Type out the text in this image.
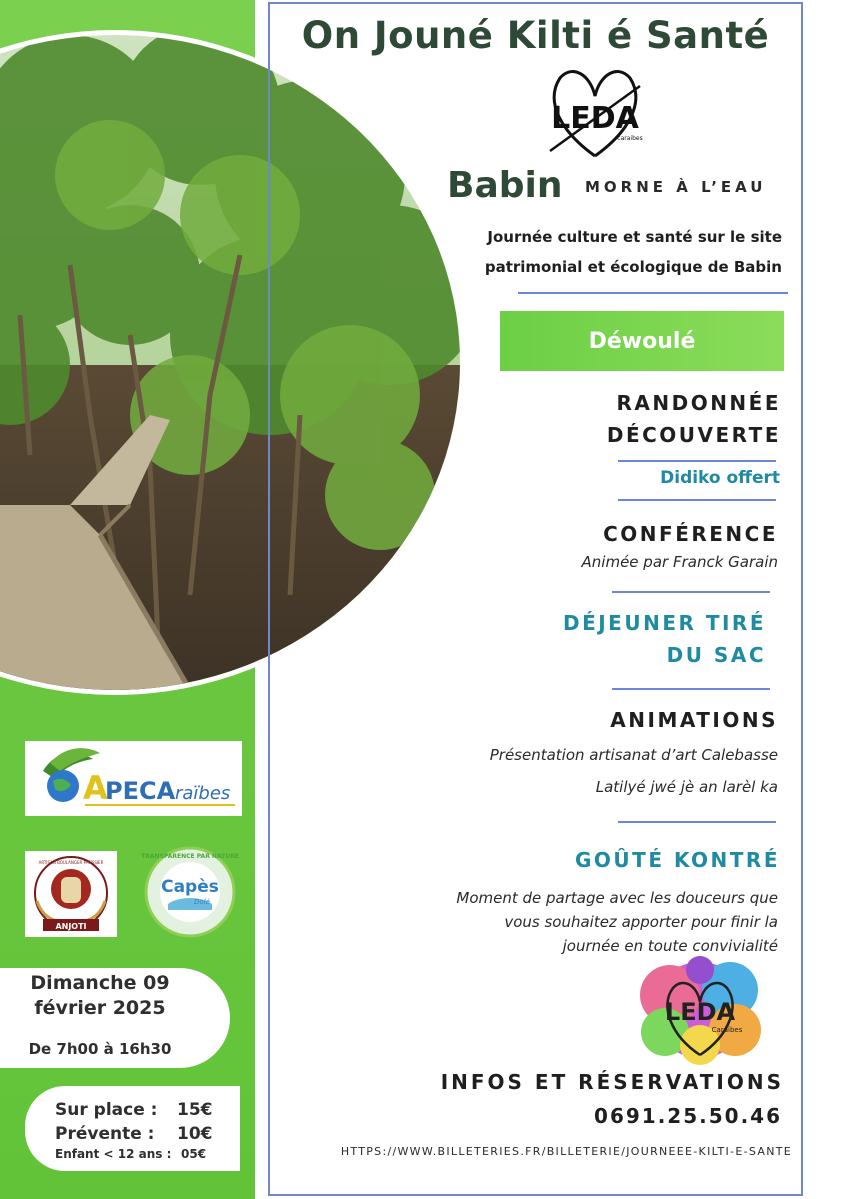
On Jouné Kilti é Santé
LEDA
caraibes
Babin MORNE À L’EAU
Journée culture et santé sur le site
patrimonial et écologique de Babin
Déwoulé
RANDONNÉE
DÉCOUVERTE

Didiko offert

CONFÉRENCE

Animée par Franck Garain

DÉJEUNER TIRÉ
DU SAC

ANIMATIONS

Présentation artisanat d’art Calebasse

Latilyé jwé jè an larèl ka

GOÛTÉ KONTRÉ

Moment de partage avec les douceurs que
vous souhaitez apporter pour finir la
journée en toute convivialité
LEDA
Caraibes

INFOS ET RÉSERVATIONS

0691.25.50.46

HTTPS://WWW.BILLETERIES.FR/BILLETERIE/JOURNEEE-KILTI-E-SANTE

A
PECA raïbes
ANJOTI
ARTISAN BOULANGER PATISSIER
Capès
Dolé
TRANSPARENCE PAR NATURE

Dimanche 09

février 2025

De 7h00 à 16h30

Sur place : 15€

Prévente : 10€

Enfant < 12 ans : 05€
